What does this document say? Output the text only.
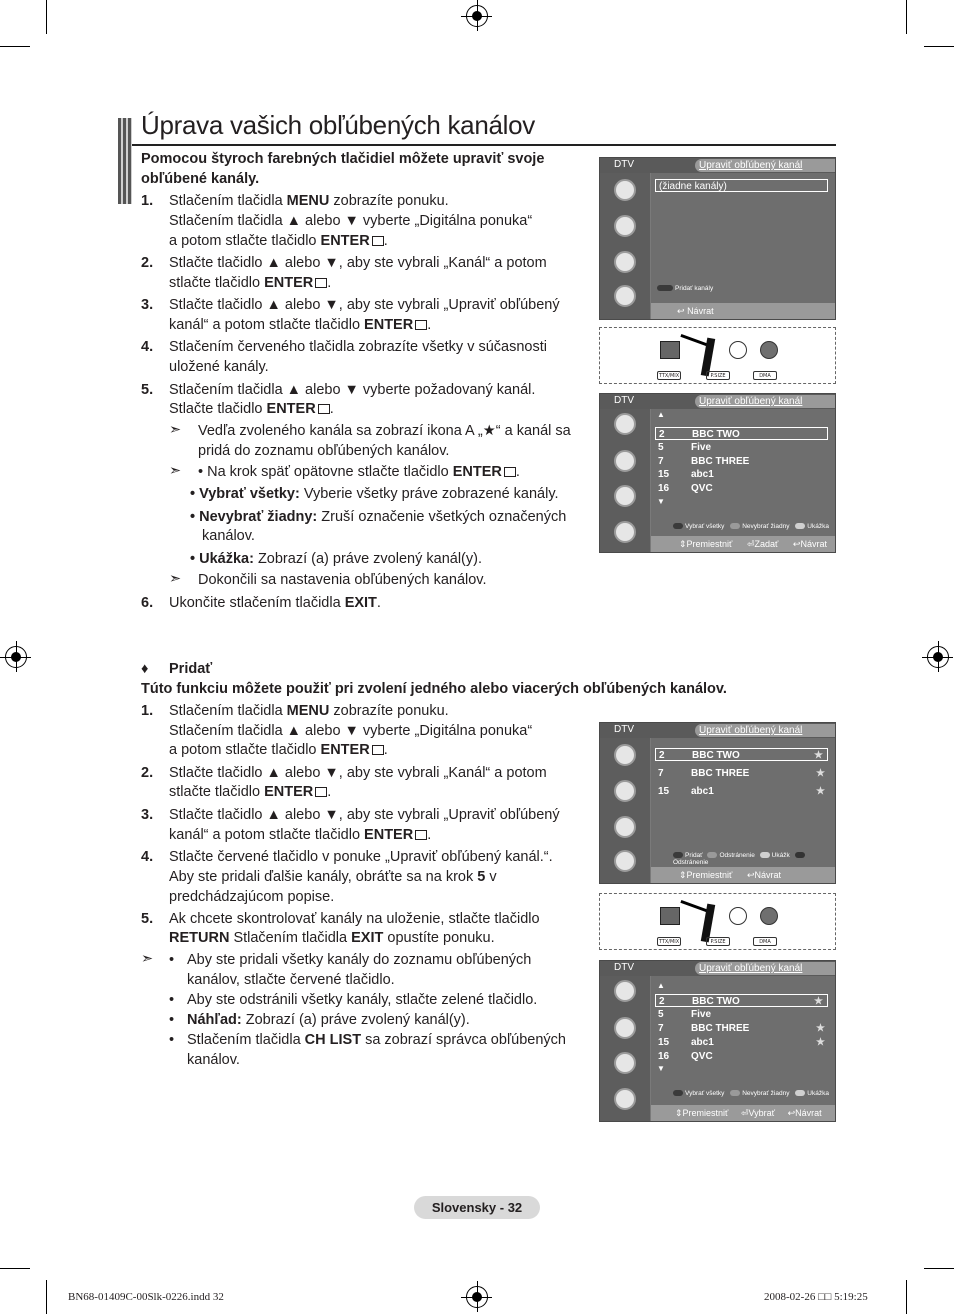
Úprava vašich obľúbených kanálov
Pomocou štyroch farebných tlačidiel môžete upraviť svoje
obľúbené kanály.
1. Stlačením tlačidla MENU zobrazíte ponuku.
Stlačením tlačidla ▲ alebo ▼ vyberte „Digitálna ponuka“
a potom stlačte tlačidlo ENTER .
2. Stlačte tlačidlo ▲ alebo ▼, aby ste vybrali „Kanál“ a potom
stlačte tlačidlo ENTER .
3. Stlačte tlačidlo ▲ alebo ▼, aby ste vybrali „Upraviť obľúbený
kanál“ a potom stlačte tlačidlo ENTER .
4. Stlačením červeného tlačidla zobrazíte všetky v súčasnosti
uložené kanály.
5. Stlačením tlačidla ▲ alebo ▼ vyberte požadovaný kanál.
Stlačte tlačidlo ENTER .
➣ Vedľa zvoleného kanála sa zobrazí ikona A „★“ a kanál sa
pridá do zoznamu obľúbených kanálov.
➣ • Na krok späť opätovne stlačte tlačidlo ENTER .
• Vybrať všetky: Vyberie všetky práve zobrazené kanály.
• Nevybrať žiadny: Zruší označenie všetkých označených
kanálov.
• Ukážka: Zobrazí (a) práve zvolený kanál(y).
➣ Dokončili sa nastavenia obľúbených kanálov.
6. Ukončite stlačením tlačidla EXIT.
♦ Pridať
Túto funkciu môžete použiť pri zvolení jedného alebo viacerých obľúbených kanálov.
1. Stlačením tlačidla MENU zobrazíte ponuku.
Stlačením tlačidla ▲ alebo ▼ vyberte „Digitálna ponuka“
a potom stlačte tlačidlo ENTER .
2. Stlačte tlačidlo ▲ alebo ▼, aby ste vybrali „Kanál“ a potom
stlačte tlačidlo ENTER .
3. Stlačte tlačidlo ▲ alebo ▼, aby ste vybrali „Upraviť obľúbený
kanál“ a potom stlačte tlačidlo ENTER .
4. Stlačte červené tlačidlo v ponuke „Upraviť obľúbený kanál.“.
Aby ste pridali ďalšie kanály, obráťte sa na krok 5 v
predchádzajúcom popise.
5. Ak chcete skontrolovať kanály na uloženie, stlačte tlačidlo
RETURN Stlačením tlačidla EXIT opustíte ponuku.
➣ • Aby ste pridali všetky kanály do zoznamu obľúbených
kanálov, stlačte červené tlačidlo.
• Aby ste odstránili všetky kanály, stlačte zelené tlačidlo.
• Náhľad: Zobrazí (a) práve zvolený kanál(y).
• Stlačením tlačidla CH LIST sa zobrazí správca obľúbených
kanálov.
DTV	Upraviť obľúbený kanál
(žiadne kanály)
Pridať kanály
↩ Návrat
TTX/MIX	P.SIZE	DMA
DTV	Upraviť obľúbený kanál
▲
2	BBC TWO
5	Five
7	BBC THREE
15 abc1
16 QVC
▼
Vybrať všetky	Nevybrať žiadny	Ukážka
⇕Premiestniť ⏎Zadať ↩Návrat
DTV	Upraviť obľúbený kanál
2	BBC TWO	★
7	BBC THREE	★
15 abc1	★
Pridať	Odstránenie	Ukážk Odstránenie
⇕Premiestniť ↩Návrat
TTX/MIX	P.SIZE	DMA
DTV	Upraviť obľúbený kanál
▲
2	BBC TWO	★
5	Five
7	BBC THREE	★
15 abc1	★
16 QVC
▼
Vybrať všetky	Nevybrať žiadny	Ukážka
⇕Premiestniť ⏎Vybrať ↩Návrat
Slovensky - 32
BN68-01409C-00Slk-0226.indd 32	2008-02-26 □□ 5:19:25
